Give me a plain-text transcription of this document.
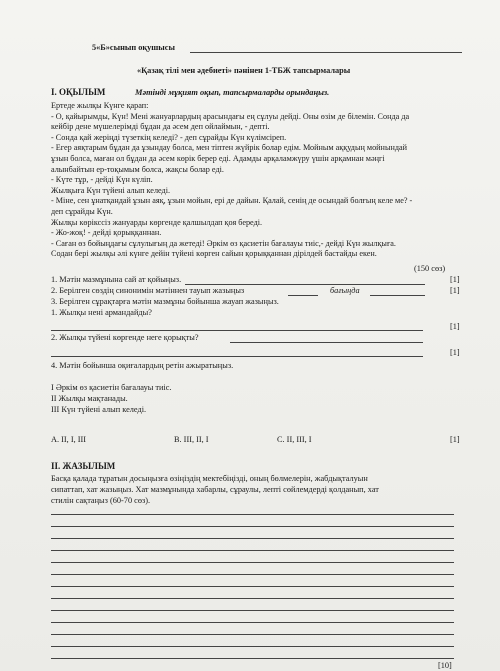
5«Б»сынып оқушысы
«Қазақ тілі мен әдебиеті» пәнінен 1-ТБЖ тапсырмалары
І. ОҚЫЛЫМ	Мәтінді мұқият оқып, тапсырмаларды орындаңыз.
Ертеде жылқы Күнге қарап:
- О, қайырымды, Күн! Мені жануарлардың арасындағы ең сұлуы дейді. Оны өзім де білемін. Сонда да
кейбір дене мүшелерімді бұдан да әсем деп ойлаймын, - депті.
- Сонда қай жеріңді түзеткің келеді? - деп сұрайды Күн күлімсіреп.
- Егер аяқтарым бұдан да ұзындау болса, мен тіптен жүйрік болар едім. Мойным аққудың мойнындай
ұзын болса, маған ол бұдан да әсем көрік берер еді. Адамды арқаламжүру үшін арқамнан мәңгі
алынбайтын ер-тоқымым болса, жақсы болар еді.
- Күте тұр, - дейді Күн күліп.
Жылқыға Күн түйені алып келеді.
- Міне, сен ұнатқандай ұзын аяқ, ұзын мойын, ері де дайын. Қалай, сенің де осындай болғың келе ме? -
деп сұрайды Күн.
Жылқы көрікссіз жануарды көргенде қалшылдап қоя береді.
- Жо-жоқ! - дейді қорыққаннан.
- Саған өз бойыңдағы сұлулығың да жетеді! Әркім өз қасиетін бағалауы тиіс,- дейді Күн жылқыға.
Содан бері жылқы әлі күнге дейін түйені көрген сайын қорыққаннан дірілдей бастайды екен.
(150 сөз)
1. Мәтін мазмұнына сай ат қойыңыз.	[1]
2. Берілген сөздің синонимін мәтіннен тауып жазыңыз	бағыңда	[1]
3. Берілген сұрақтарға мәтін мазмұны бойынша жауап жазыңыз.
1. Жылқы нені армандайды?
[1]
2. Жылқы түйені көргенде неге қорықты?
[1]
4. Мәтін бойынша оқиғалардың ретін ажыратыңыз.
І Әркім өз қасиетін бағалауы тиіс.
ІІ Жылқы мақтанады.
ІІІ Күн түйені алып келеді.
А. ІІ, І, ІІІ	В. ІІІ, ІІ, І	С. ІІ, ІІІ, І	[1]
ІІ. ЖАЗЫЛЫМ
Басқа қалада тұратын досыңызға өзіңіздің мектебіңізді, оның бөлмелерін, жабдықталуын
сипаттап, хат жазыңыз. Хат мазмұнында хабарлы, сұраулы, лепті сөйлемдерді қолданып, хат
стилін сақтаңыз (60-70 сөз).
[10]
